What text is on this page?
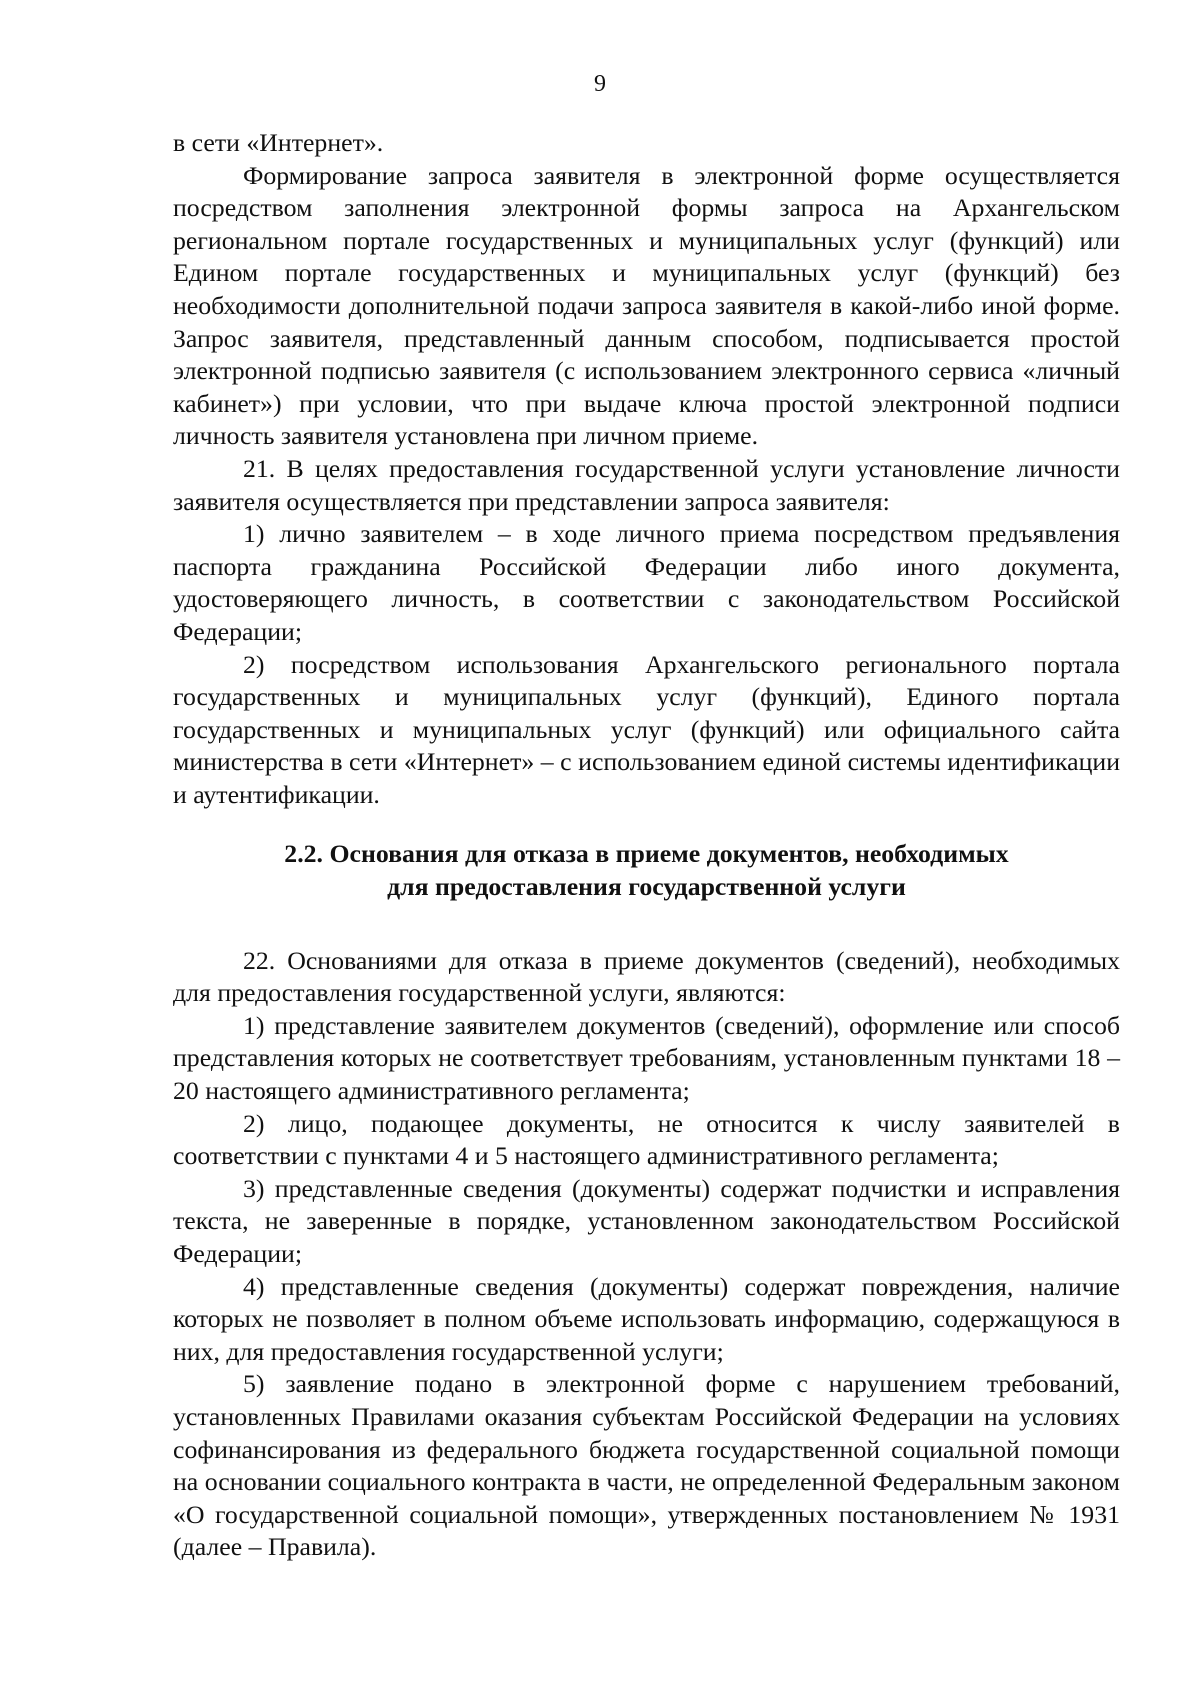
9

в сети «Интернет».

Формирование запроса заявителя в электронной форме осуществляется посредством заполнения электронной формы запроса на Архангельском региональном портале государственных и муниципальных услуг (функций) или Едином портале государственных и муниципальных услуг (функций) без необходимости дополнительной подачи запроса заявителя в какой-либо иной форме. Запрос заявителя, представленный данным способом, подписывается простой электронной подписью заявителя (с использованием электронного сервиса «личный кабинет») при условии, что при выдаче ключа простой электронной подписи личность заявителя установлена при личном приеме.

21. В целях предоставления государственной услуги установление личности заявителя осуществляется при представлении запроса заявителя:

1) лично заявителем – в ходе личного приема посредством предъявления паспорта гражданина Российской Федерации либо иного документа, удостоверяющего личность, в соответствии с законодательством Российской Федерации;

2) посредством использования Архангельского регионального портала государственных и муниципальных услуг (функций), Единого портала государственных и муниципальных услуг (функций) или официального сайта министерства в сети «Интернет» – с использованием единой системы идентификации и аутентификации.

2.2. Основания для отказа в приеме документов, необходимых
для предоставления государственной услуги

22. Основаниями для отказа в приеме документов (сведений), необходимых для предоставления государственной услуги, являются:

1) представление заявителем документов (сведений), оформление или способ представления которых не соответствует требованиям, установленным пунктами 18 – 20 настоящего административного регламента;

2) лицо, подающее документы, не относится к числу заявителей в соответствии с пунктами 4 и 5 настоящего административного регламента;

3) представленные сведения (документы) содержат подчистки и исправления текста, не заверенные в порядке, установленном законодательством Российской Федерации;

4) представленные сведения (документы) содержат повреждения, наличие которых не позволяет в полном объеме использовать информацию, содержащуюся в них, для предоставления государственной услуги;

5) заявление подано в электронной форме с нарушением требований, установленных Правилами оказания субъектам Российской Федерации на условиях софинансирования из федерального бюджета государственной социальной помощи на основании социального контракта в части, не определенной Федеральным законом «О государственной социальной помощи», утвержденных постановлением № 1931 (далее – Правила).
